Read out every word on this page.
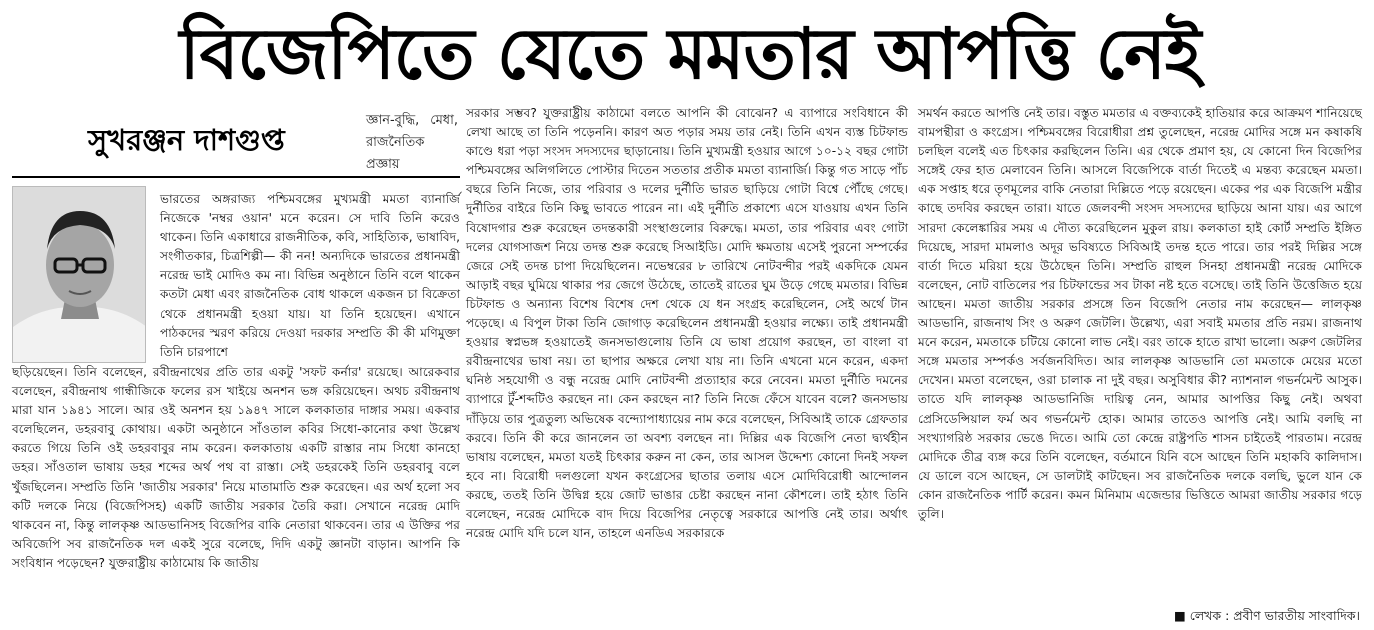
বিজেপিতে যেতে মমতার আপত্তি নেই
সুখরঞ্জন দাশগুপ্ত
জ্ঞান-বুদ্ধি, মেধা, রাজনৈতিক প্রজ্ঞায়

ভারতের অঙ্গরাজ্য পশ্চিমবঙ্গের মুখ্যমন্ত্রী মমতা ব্যানার্জি নিজেকে 'নম্বর ওয়ান' মনে করেন। সে দাবি তিনি করেও থাকেন। তিনি একাধারে রাজনীতিক, কবি, সাহিত্যিক, ভাষাবিদ, সংগীতকার, চিত্রশিল্পী— কী নন! অন্যদিকে ভারতের প্রধানমন্ত্রী নরেন্দ্র ভাই মোদিও কম না। বিভিন্ন অনুষ্ঠানে তিনি বলে থাকেন কতটা মেধা এবং রাজনৈতিক বোধ থাকলে একজন চা বিক্রেতা থেকে প্রধানমন্ত্রী হওয়া যায়। যা তিনি হয়েছেন। এখানে পাঠকদের স্মরণ করিয়ে দেওয়া দরকার সম্প্রতি কী কী মণিমুক্তা তিনি চারপাশে

ছড়িয়েছেন। তিনি বলেছেন, রবীন্দ্রনাথের প্রতি তার একটু 'সফট কর্নার' রয়েছে। আরেকবার বলেছেন, রবীন্দ্রনাথ গান্ধীজিকে ফলের রস খাইয়ে অনশন ভঙ্গ করিয়েছেন। অথচ রবীন্দ্রনাথ মারা যান ১৯৪১ সালে। আর ওই অনশন হয় ১৯৪৭ সালে কলকাতার দাঙ্গার সময়। একবার বলেছিলেন, ডহরবাবু কোথায়। একটা অনুষ্ঠানে সাঁওতাল কবির সিধো-কানোর কথা উল্লেখ করতে গিয়ে তিনি ওই ডহরবাবুর নাম করেন। কলকাতায় একটি রাস্তার নাম সিধো কানহো ডহর। সাঁওতাল ভাষায় ডহর শব্দের অর্থ পথ বা রাস্তা। সেই ডহরকেই তিনি ডহরবাবু বলে খুঁজছিলেন। সম্প্রতি তিনি 'জাতীয় সরকার' নিয়ে মাতামাতি শুরু করেছেন। এর অর্থ হলো সব কটি দলকে নিয়ে (বিজেপিসহ) একটি জাতীয় সরকার তৈরি করা। সেখানে নরেন্দ্র মোদি থাকবেন না, কিন্তু লালকৃষ্ণ আডভানিসহ বিজেপির বাকি নেতারা থাকবেন। তার এ উক্তির পর অবিজেপি সব রাজনৈতিক দল একই সুরে বলেছে, দিদি একটু জ্ঞানটা বাড়ান। আপনি কি সংবিধান পড়েছেন? যুক্তরাষ্ট্রীয় কাঠামোয় কি জাতীয়

সরকার সম্ভব? যুক্তরাষ্ট্রীয় কাঠামো বলতে আপনি কী বোঝেন? এ ব্যাপারে সংবিধানে কী লেখা আছে তা তিনি পড়েননি। কারণ অত পড়ার সময় তার নেই। তিনি এখন ব্যস্ত চিটফান্ড কাণ্ডে ধরা পড়া সংসদ সদস্যদের ছাড়ানোয়। তিনি মুখ্যমন্ত্রী হওয়ার আগে ১০-১২ বছর গোটা পশ্চিমবঙ্গের অলিগলিতে পোস্টার দিতেন সততার প্রতীক মমতা ব্যানার্জি। কিন্তু গত সাড়ে পাঁচ বছরে তিনি নিজে, তার পরিবার ও দলের দুর্নীতি ভারত ছাড়িয়ে গোটা বিশ্বে পৌঁছে গেছে। দুর্নীতির বাইরে তিনি কিছু ভাবতে পারেন না। এই দুর্নীতি প্রকাশ্যে এসে যাওয়ায় এখন তিনি বিষোদগার শুরু করেছেন তদন্তকারী সংস্থাগুলোর বিরুদ্ধে। মমতা, তার পরিবার এবং গোটা দলের যোগসাজশ নিয়ে তদন্ত শুরু করেছে সিআইডি। মোদি ক্ষমতায় এসেই পুরনো সম্পর্কের জেরে সেই তদন্ত চাপা দিয়েছিলেন। নভেম্বরের ৮ তারিখে নোটবন্দীর পরই একদিকে যেমন আড়াই বছর ঘুমিয়ে থাকার পর জেগে উঠেছে, তাতেই রাতের ঘুম উড়ে গেছে মমতার। বিভিন্ন চিটফান্ড ও অন্যান্য বিশেষ বিশেষ দেশ থেকে যে ধন সংগ্রহ করেছিলেন, সেই অর্থে টান পড়েছে। এ বিপুল টাকা তিনি জোগাড় করেছিলেন প্রধানমন্ত্রী হওয়ার লক্ষ্যে। তাই প্রধানমন্ত্রী হওয়ার স্বপ্নভঙ্গ হওয়াতেই জনসভাগুলোয় তিনি যে ভাষা প্রয়োগ করছেন, তা বাংলা বা রবীন্দ্রনাথের ভাষা নয়। তা ছাপার অক্ষরে লেখা যায় না। তিনি এখনো মনে করেন, একদা ঘনিষ্ঠ সহযোগী ও বন্ধু নরেন্দ্র মোদি নোটবন্দী প্রত্যাহার করে নেবেন। মমতা দুর্নীতি দমনের ব্যাপারে টুঁ-শব্দটিও করছেন না। কেন করছেন না? তিনি নিজে ফেঁসে যাবেন বলে? জনসভায় দাঁড়িয়ে তার পুত্রতুল্য অভিষেক বন্দ্যোপাধ্যায়ের নাম করে বলেছেন, সিবিআই তাকে গ্রেফতার করবে। তিনি কী করে জানলেন তা অবশ্য বলছেন না। দিল্লির এক বিজেপি নেতা দ্ব্যর্থহীন ভাষায় বলেছেন, মমতা যতই চিৎকার করুন না কেন, তার আসল উদ্দেশ্য কোনো দিনই সফল হবে না। বিরোধী দলগুলো যখন কংগ্রেসের ছাতার তলায় এসে মোদিবিরোধী আন্দোলন করছে, ততই তিনি উদ্বিগ্ন হয়ে জোট ভাঙার চেষ্টা করছেন নানা কৌশলে। তাই হঠাৎ তিনি বলেছেন, নরেন্দ্র মোদিকে বাদ দিয়ে বিজেপির নেতৃত্বে সরকারে আপত্তি নেই তার। অর্থাৎ নরেন্দ্র মোদি যদি চলে যান, তাহলে এনডিএ সরকারকে

সমর্থন করতে আপত্তি নেই তার। বস্তুত মমতার এ বক্তব্যকেই হাতিয়ার করে আক্রমণ শানিয়েছে বামপন্থীরা ও কংগ্রেস। পশ্চিমবঙ্গের বিরোধীরা প্রশ্ন তুলেছেন, নরেন্দ্র মোদির সঙ্গে মন কষাকষি চলছিল বলেই এত চিৎকার করছিলেন তিনি। এর থেকে প্রমাণ হয়, যে কোনো দিন বিজেপির সঙ্গেই ফের হাত মেলাবেন তিনি। আসলে বিজেপিকে বার্তা দিতেই এ মন্তব্য করেছেন মমতা। এক সপ্তাহ ধরে তৃণমূলের বাকি নেতারা দিল্লিতে পড়ে রয়েছেন। একের পর এক বিজেপি মন্ত্রীর কাছে তদবির করছেন তারা। যাতে জেলবন্দী সংসদ সদস্যদের ছাড়িয়ে আনা যায়। এর আগে সারদা কেলেঙ্কারির সময় এ দৌত্য করেছিলেন মুকুল রায়। কলকাতা হাই কোর্ট সম্প্রতি ইঙ্গিত দিয়েছে, সারদা মামলাও অদূর ভবিষ্যতে সিবিআই তদন্ত হতে পারে। তার পরই দিল্লির সঙ্গে বার্তা দিতে মরিয়া হয়ে উঠেছেন তিনি। সম্প্রতি রাহুল সিনহা প্রধানমন্ত্রী নরেন্দ্র মোদিকে বলেছেন, নোট বাতিলের পর চিটফান্ডের সব টাকা নষ্ট হতে বসেছে। তাই তিনি উত্তেজিত হয়ে আছেন। মমতা জাতীয় সরকার প্রসঙ্গে তিন বিজেপি নেতার নাম করেছেন— লালকৃষ্ণ আডভানি, রাজনাথ সিং ও অরুণ জেটলি। উল্লেখ্য, এরা সবাই মমতার প্রতি নরম। রাজনাথ মনে করেন, মমতাকে চটিয়ে কোনো লাভ নেই। বরং তাকে হাতে রাখা ভালো। অরুণ জেটলির সঙ্গে মমতার সম্পর্কও সর্বজনবিদিত। আর লালকৃষ্ণ আডভানি তো মমতাকে মেয়ের মতো দেখেন। মমতা বলেছেন, ওরা চালাক না দুই বছর। অসুবিধার কী? ন্যাশনাল গভর্নমেন্ট আসুক। তাতে যদি লালকৃষ্ণ আডভানিজি দায়িত্ব নেন, আমার আপত্তির কিছু নেই। অথবা প্রেসিডেন্সিয়াল ফর্ম অব গভর্নমেন্ট হোক। আমার তাতেও আপত্তি নেই। আমি বলছি না সংখ্যাগরিষ্ঠ সরকার ভেঙে দিতে। আমি তো কেন্দ্রে রাষ্ট্রপতি শাসন চাইতেই পারতাম। নরেন্দ্র মোদিকে তীব্র ব্যঙ্গ করে তিনি বলেছেন, বর্তমানে যিনি বসে আছেন তিনি মহাকবি কালিদাস। যে ডালে বসে আছেন, সে ডালটাই কাটছেন। সব রাজনৈতিক দলকে বলছি, ভুলে যান কে কোন রাজনৈতিক পার্টি করেন। কমন মিনিমাম এজেন্ডার ভিত্তিতে আমরা জাতীয় সরকার গড়ে তুলি।

■ লেখক : প্রবীণ ভারতীয় সাংবাদিক।
